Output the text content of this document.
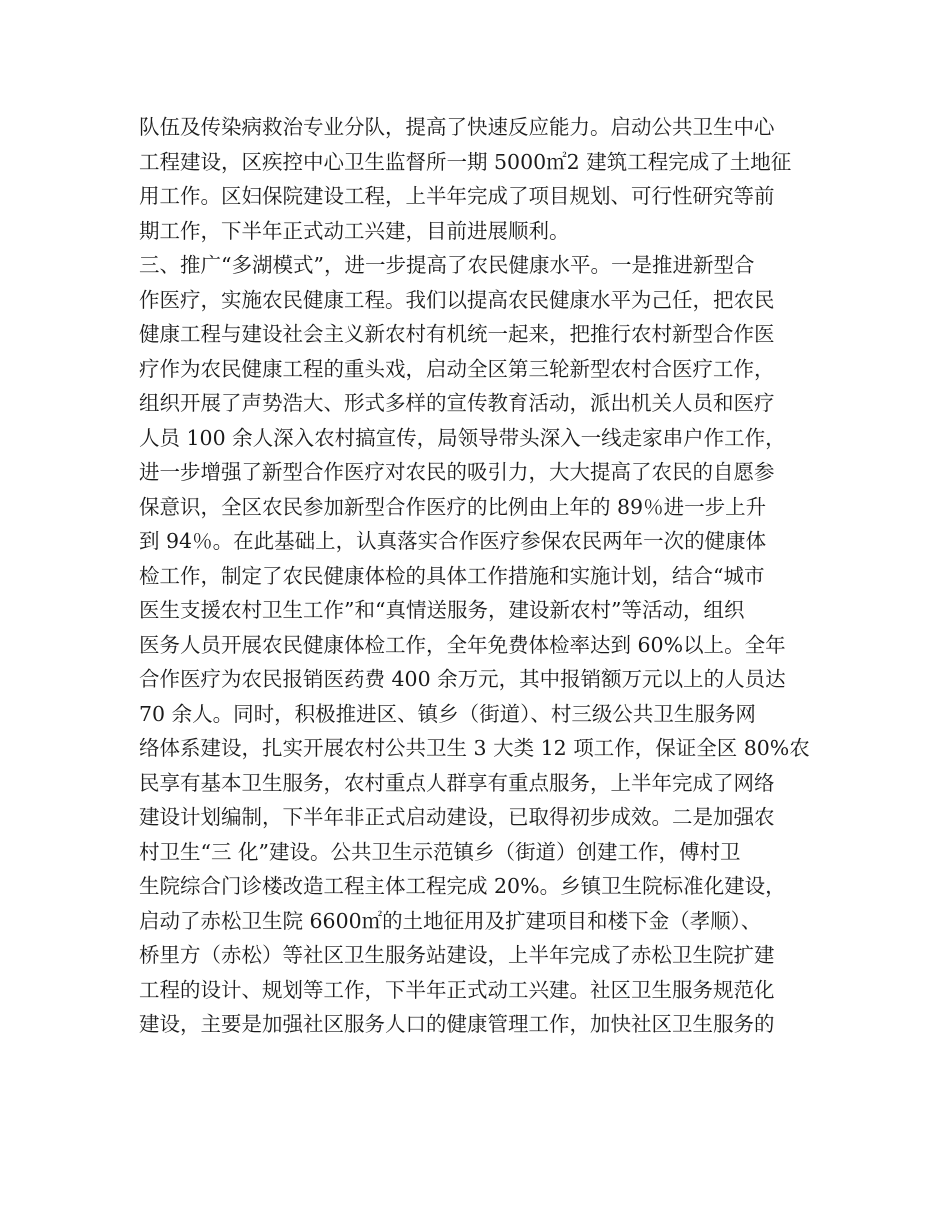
队伍及传染病救治专业分队，提高了快速反应能力。启动公共卫生中心
工程建设，区疾控中心卫生监督所一期 5000㎡2 建筑工程完成了土地征
用工作。区妇保院建设工程，上半年完成了项目规划、可行性研究等前
期工作，下半年正式动工兴建，目前进展顺利。
三、推广“多湖模式”，进一步提高了农民健康水平。一是推进新型合
作医疗，实施农民健康工程。我们以提高农民健康水平为己任，把农民
健康工程与建设社会主义新农村有机统一起来，把推行农村新型合作医
疗作为农民健康工程的重头戏，启动全区第三轮新型农村合医疗工作，
组织开展了声势浩大、形式多样的宣传教育活动，派出机关人员和医疗
人员 100 余人深入农村搞宣传，局领导带头深入一线走家串户作工作，
进一步增强了新型合作医疗对农民的吸引力，大大提高了农民的自愿参
保意识，全区农民参加新型合作医疗的比例由上年的 89％进一步上升
到 94％。在此基础上，认真落实合作医疗参保农民两年一次的健康体
检工作，制定了农民健康体检的具体工作措施和实施计划，结合“城市
医生支援农村卫生工作”和“真情送服务，建设新农村”等活动，组织
医务人员开展农民健康体检工作，全年免费体检率达到 60%以上。全年
合作医疗为农民报销医药费 400 余万元，其中报销额万元以上的人员达
70 余人。同时，积极推进区、镇乡（街道）、村三级公共卫生服务网
络体系建设，扎实开展农村公共卫生 3 大类 12 项工作，保证全区 80%农
民享有基本卫生服务，农村重点人群享有重点服务，上半年完成了网络
建设计划编制，下半年非正式启动建设，已取得初步成效。二是加强农
村卫生“三 化”建设。公共卫生示范镇乡（街道）创建工作，傅村卫
生院综合门诊楼改造工程主体工程完成 20%。乡镇卫生院标准化建设，
启动了赤松卫生院 6600㎡的土地征用及扩建项目和楼下金（孝顺）、
桥里方（赤松）等社区卫生服务站建设，上半年完成了赤松卫生院扩建
工程的设计、规划等工作，下半年正式动工兴建。社区卫生服务规范化
建设，主要是加强社区服务人口的健康管理工作，加快社区卫生服务的
